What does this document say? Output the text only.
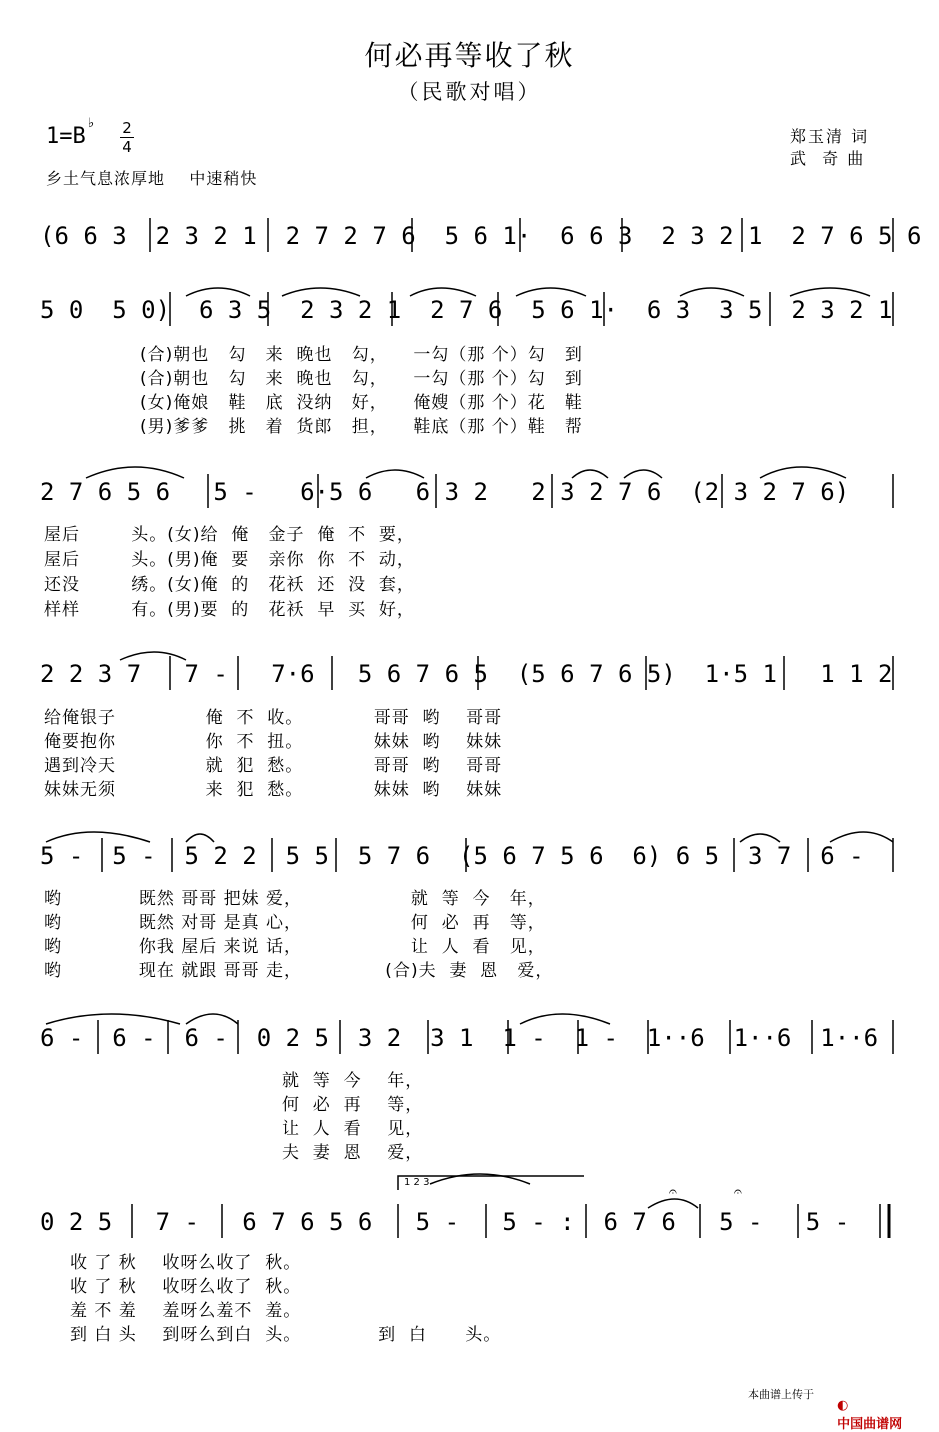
何必再等收了秋
（民歌对唱）
1=B
♭ 2
4
乡土气息浓厚地    中速稍快
郑玉清 词
武  奇 曲
𝄐	𝄐
1 2 3
(6 6 3  2 3 2 1  2 7 2 7 6  5 6 1·  6 6 3  2 3 2 1  2 7 6 5 6
5 0  5 0)  6 3 5  2 3 2 1  2 7 6  5 6 1·  6 3  3 5  2 3 2 1
2 7 6 5 6   5 -   6·5 6   6 3 2   2 3 2 7 6  (2 3 2 7 6)
2 2 3 7   7 -   7·6   5 6 7 6 5  (5 6 7 6 5)  1·5 1   1 1 2
5 -  5 -  5 2 2  5 5  5 7 6  (5 6 7 5 6  6) 6 5  3 7  6 -
6 -  6 -  6 -  0 2 5  3 2  3 1  1 -  1 -  1··6  1··6  1··6
0 2 5   7 -   6 7 6 5 6   5 -   5 - :  6 7 6   5 -   5 -
(合)朝也   勾   来  晚也   勾，    一勾（那 个）勾   到
(合)朝也   勾   来  晚也   勾，    一勾（那 个）勾   到
(女)俺娘   鞋   底  没纳   好，    俺嫂（那 个）花   鞋
(男)爹爹   挑   着  货郎   担，    鞋底（那 个）鞋   帮
屋后        头。(女)给  俺   金子  俺  不  要，
屋后        头。(男)俺  要   亲你  你  不  动，
还没        绣。(女)俺  的   花袄  还  没  套，
样样        有。(男)要  的   花袄  早  买  好，
给俺银子              俺  不  收。           哥哥  哟    哥哥
俺要抱你              你  不  扭。           妹妹  哟    妹妹
遇到冷天              就  犯  愁。           哥哥  哟    哥哥
妹妹无须              来  犯  愁。           妹妹  哟    妹妹
哟            既然 哥哥 把妹 爱，                 就  等  今   年，
哟            既然 对哥 是真 心，                 何  必  再   等，
哟            你我 屋后 来说 话，                 让  人  看   见，
哟            现在 就跟 哥哥 走，             (合)夫  妻  恩   爱，
就  等  今    年，
何  必  再    等，
让  人  看    见，
夫  妻  恩    爱，
收 了 秋    收呀么收了  秋。
收 了 秋    收呀么收了  秋。
羞 不 羞    羞呀么羞不  羞。
到 白 头    到呀么到白  头。            到  白      头。
本曲谱上传于

◐
中国曲谱网
